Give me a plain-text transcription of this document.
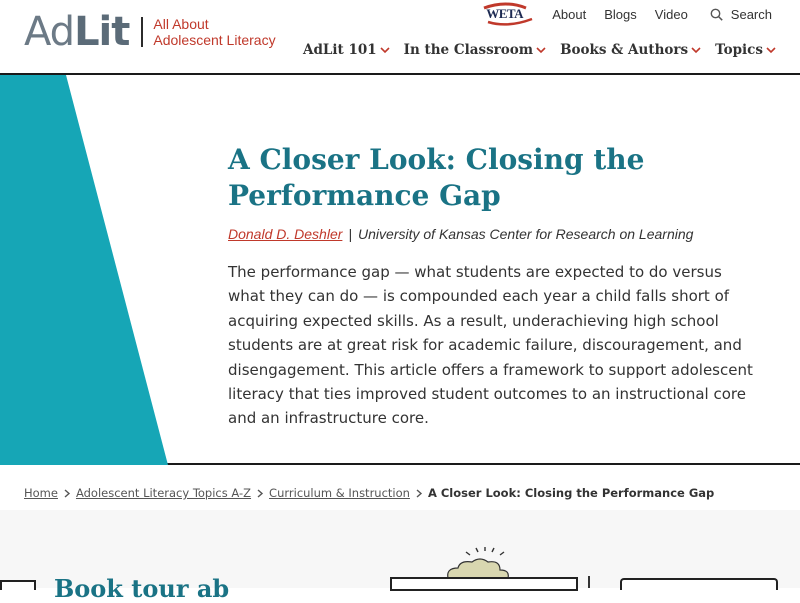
AdLit All About
Adolescent Literacy
WETA About Blogs Video	Search
AdLit 101 In the Classroom Books & Authors Topics
A Closer Look: Closing the Performance Gap
Donald D. Deshler | University of Kansas Center for Research on Learning

The performance gap — what students are expected to do versus what they can do — is compounded each year a child falls short of acquiring expected skills. As a result, underachieving high school students are at great risk for academic failure, discouragement, and disengagement. This article offers a framework to support adolescent literacy that ties improved student outcomes to an instructional core and an infrastructure core.

Home Adolescent Literacy Topics A-Z Curriculum & Instruction A Closer Look: Closing the Performance Gap
Book tour ab
